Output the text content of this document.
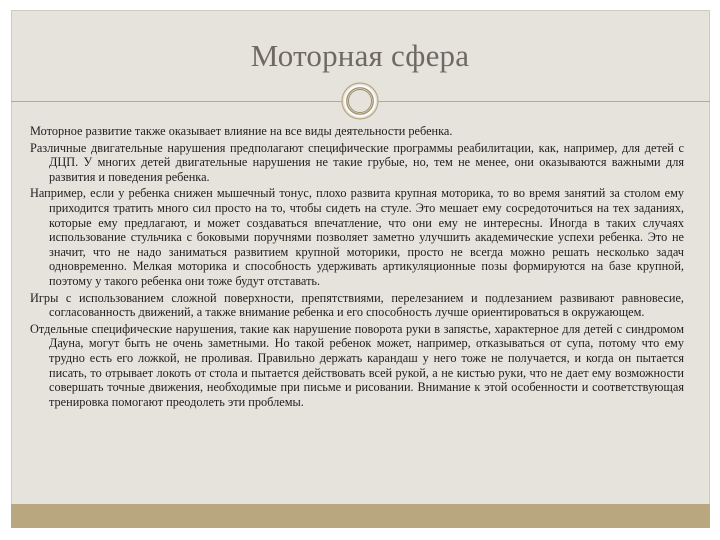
Моторная сфера

Моторное развитие также оказывает влияние на все виды деятельности ребенка.

Различные двигательные нарушения предполагают специфические программы реабилитации, как, например, для детей с ДЦП. У многих детей двигательные нарушения не такие грубые, но, тем не менее, они оказываются важными для развития и поведения ребенка.

Например, если у ребенка снижен мышечный тонус, плохо развита крупная моторика, то во время занятий за столом ему приходится тратить много сил просто на то, чтобы сидеть на стуле. Это мешает ему сосредоточиться на тех заданиях, которые ему предлагают, и может создаваться впечатление, что они ему не интересны. Иногда в таких случаях использование стульчика с боковыми поручнями позволяет заметно улучшить академические успехи ребенка. Это не значит, что не надо заниматься развитием крупной моторики, просто не всегда можно решать несколько задач одновременно. Мелкая моторика и способность удерживать артикуляционные позы формируются на базе крупной, поэтому у такого ребенка они тоже будут отставать.

Игры с использованием сложной поверхности, препятствиями, перелезанием и подлезанием развивают равновесие, согласованность движений, а также внимание ребенка и его способность лучше ориентироваться в окружающем.

Отдельные специфические нарушения, такие как нарушение поворота руки в запястье, характерное для детей с синдромом Дауна, могут быть не очень заметными. Но такой ребенок может, например, отказываться от супа, потому что ему трудно есть его ложкой, не проливая. Правильно держать карандаш у него тоже не получается, и когда он пытается писать, то отрывает локоть от стола и пытается действовать всей рукой, а не кистью руки, что не дает ему возможности совершать точные движения, необходимые при письме и рисовании. Внимание к этой особенности и соответствующая тренировка помогают преодолеть эти проблемы.
